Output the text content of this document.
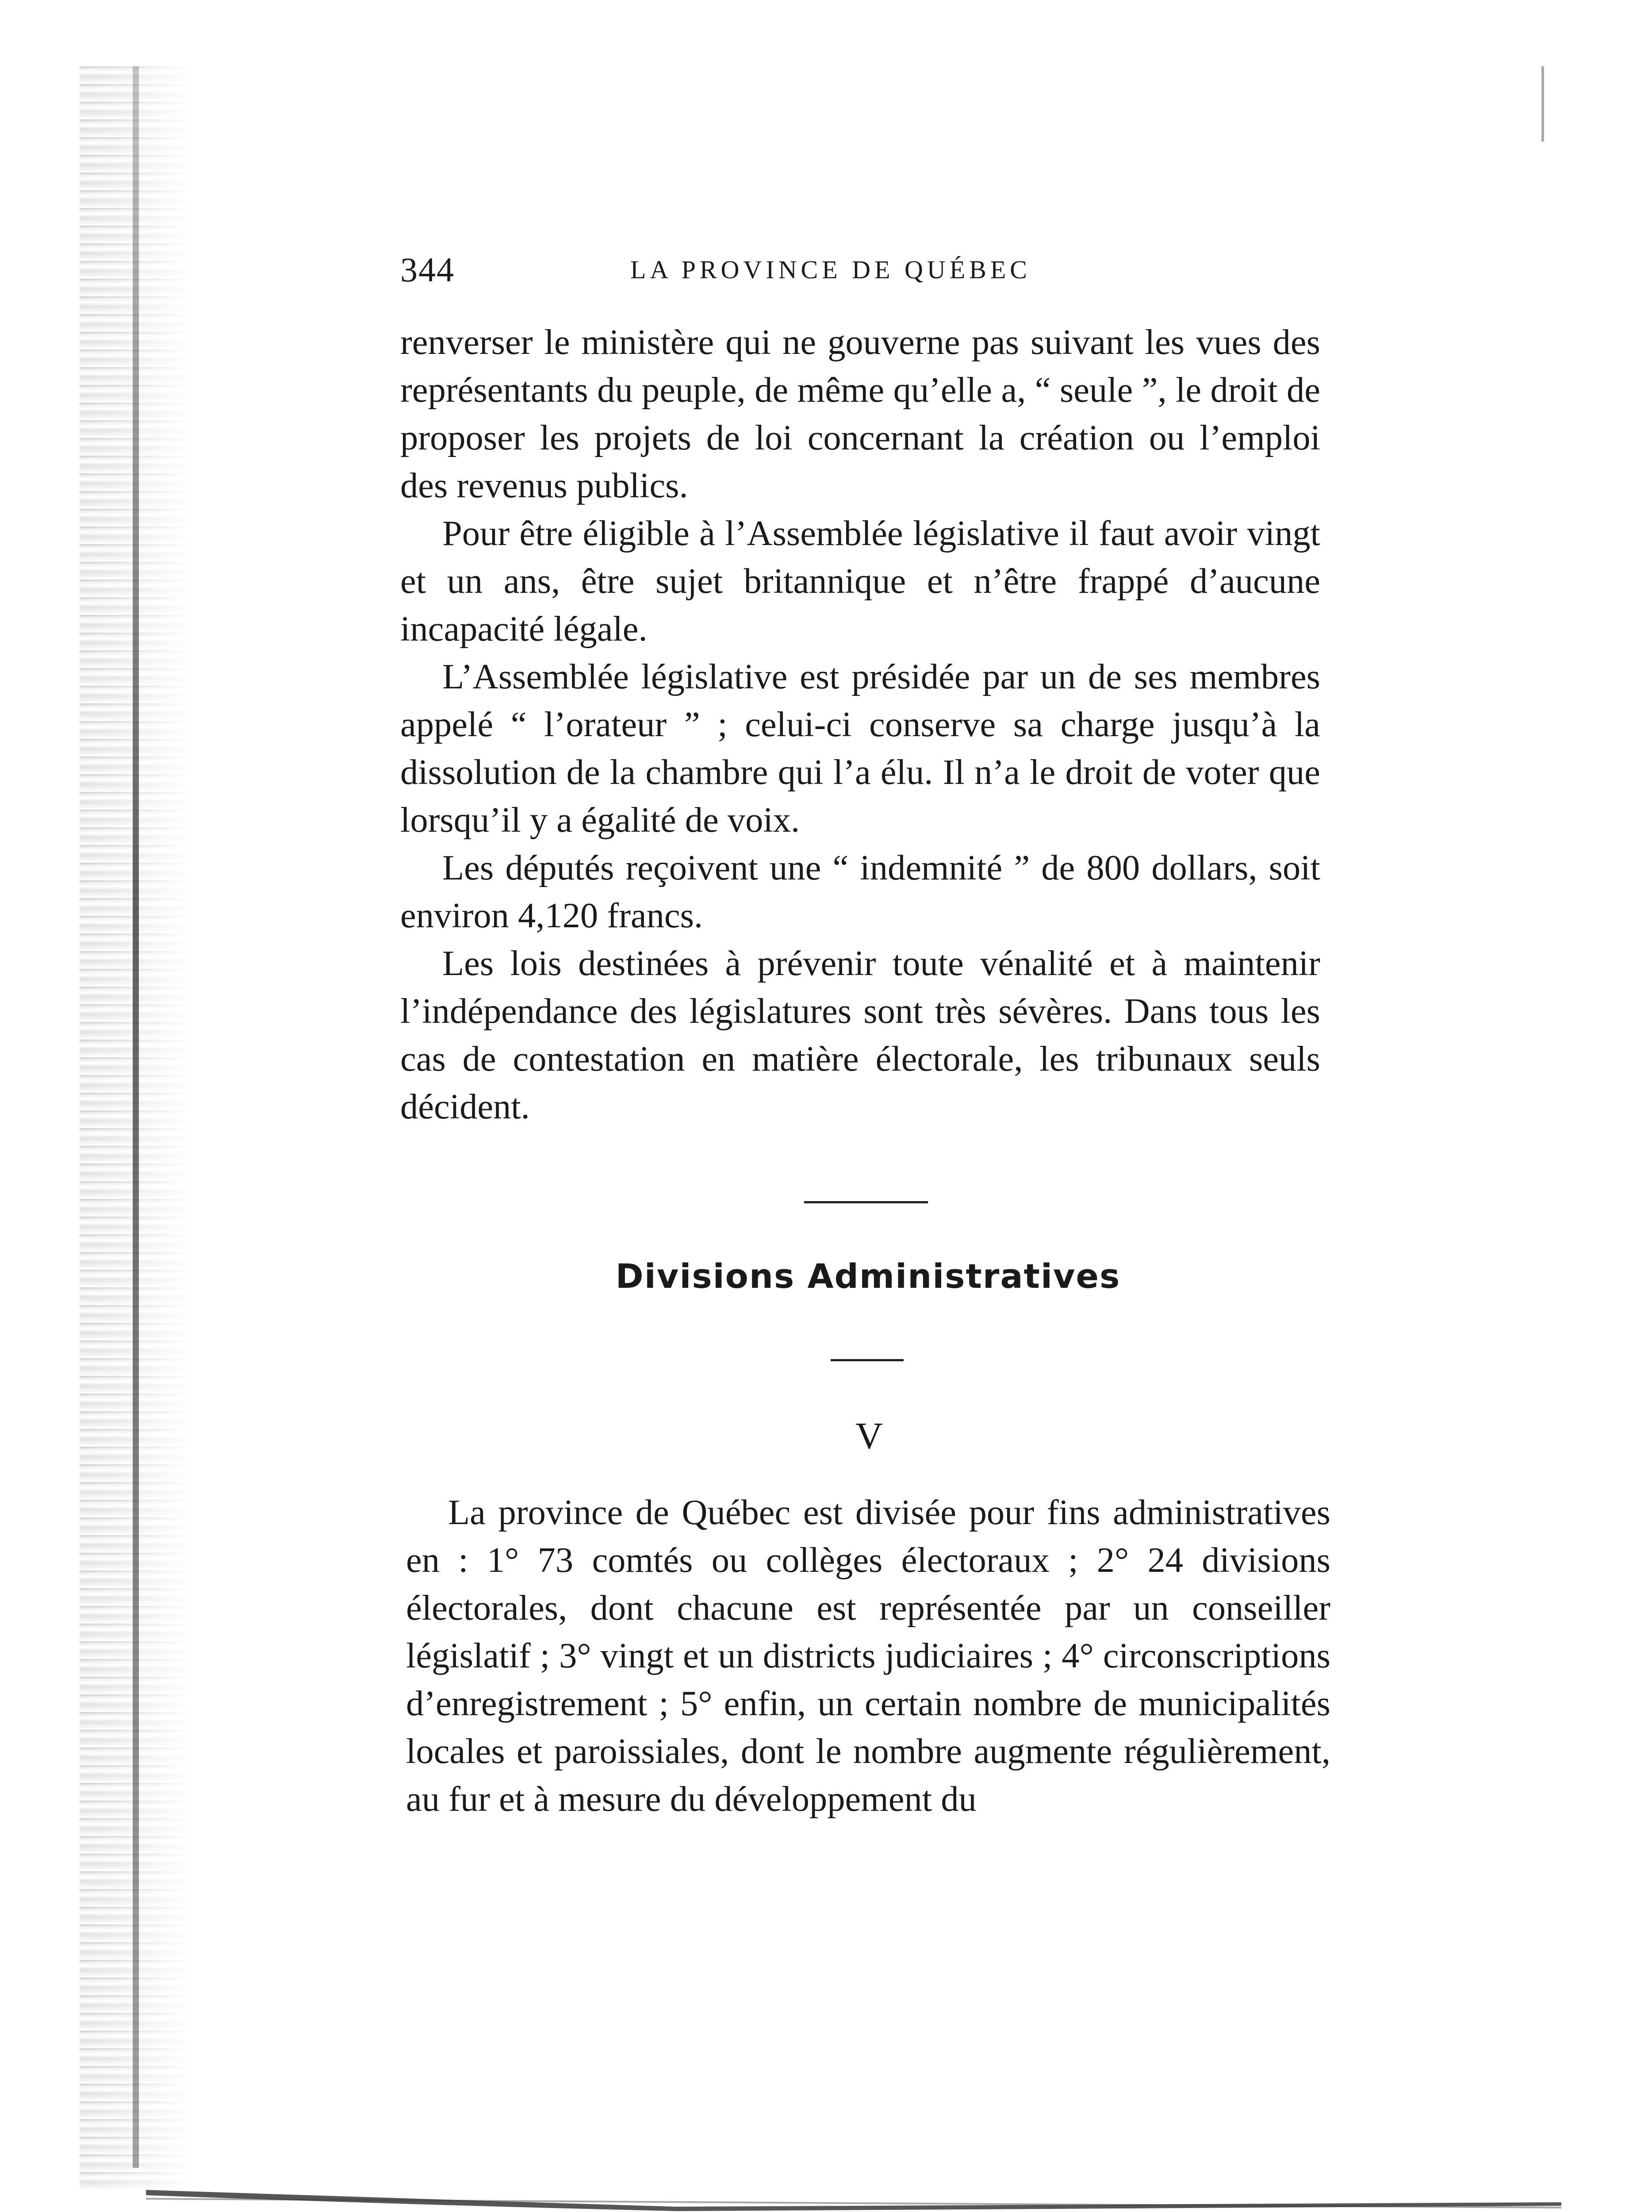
344	LA PROVINCE DE QUÉBEC

renverser le ministère qui ne gouverne pas suivant les vues des représentants du peuple, de même qu’elle a, “ seule ”, le droit de proposer les projets de loi concernant la création ou l’emploi des revenus publics.

Pour être éligible à l’Assemblée législative il faut avoir vingt et un ans, être sujet britannique et n’être frappé d’aucune incapacité légale.

L’Assemblée législative est présidée par un de ses membres appelé “ l’orateur ” ; celui-ci conserve sa charge jusqu’à la dissolution de la chambre qui l’a élu. Il n’a le droit de voter que lorsqu’il y a égalité de voix.

Les députés reçoivent une “ indemnité ” de 800 dollars, soit environ 4,120 francs.

Les lois destinées à prévenir toute vénalité et à maintenir l’indépendance des législatures sont très sévères. Dans tous les cas de contestation en matière électorale, les tribunaux seuls décident.

Divisions Administratives
V

La province de Québec est divisée pour fins administratives en : 1° 73 comtés ou collèges électoraux ; 2° 24 divisions électorales, dont chacune est représentée par un conseiller législatif ; 3° vingt et un districts judiciaires ; 4° circonscriptions d’enregistrement ; 5° enfin, un certain nombre de municipalités locales et paroissiales, dont le nombre augmente régulièrement, au fur et à mesure du développement du
